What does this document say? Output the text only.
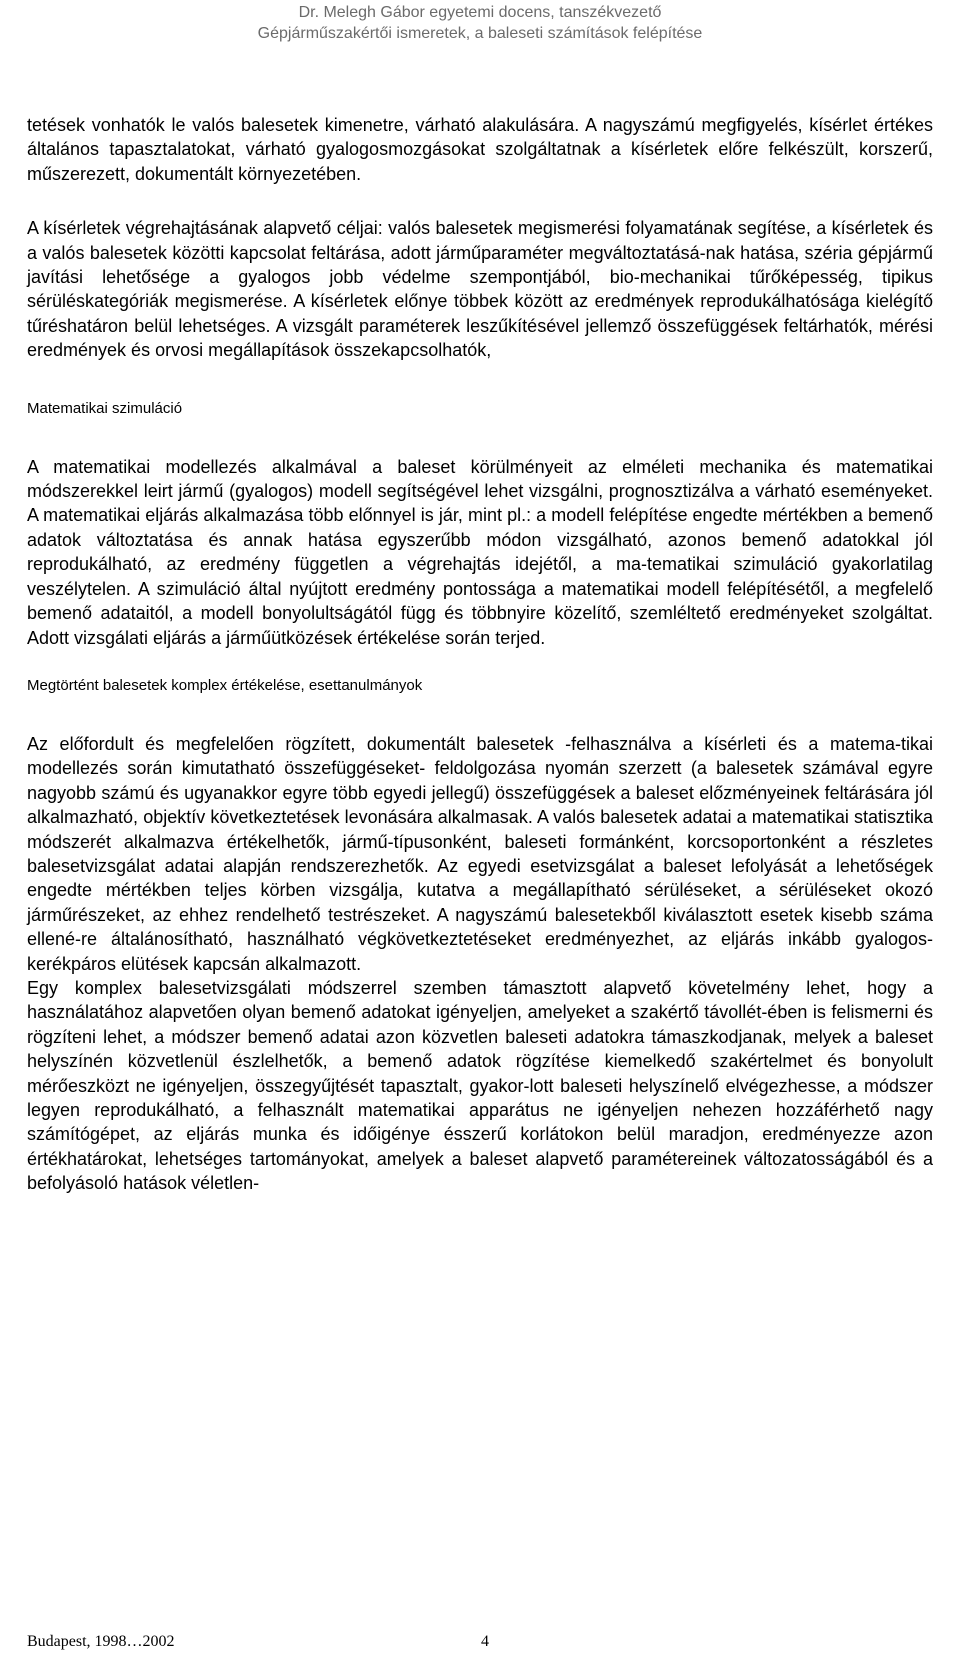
Dr. Melegh Gábor egyetemi docens, tanszékvezető
Gépjárműszakértői ismeretek, a baleseti számítások felépítése

tetések vonhatók le valós balesetek kimenetre, várható alakulására. A nagyszámú megfigyelés, kísérlet értékes általános tapasztalatokat, várható gyalogosmozgásokat szolgáltatnak a kísérletek előre felkészült, korszerű, műszerezett, dokumentált környezetében.

A kísérletek végrehajtásának alapvető céljai: valós balesetek megismerési folyamatának segítése, a kísérletek és a valós balesetek közötti kapcsolat feltárása, adott járműparaméter megváltoztatásá-nak hatása, széria gépjármű javítási lehetősége a gyalogos jobb védelme szempontjából, bio-mechanikai tűrőképesség, tipikus sérüléskategóriák megismerése. A kísérletek előnye többek között az eredmények reprodukálhatósága kielégítő tűréshatáron belül lehetséges. A vizsgált paraméterek leszűkítésével jellemző összefüggések feltárhatók, mérési eredmények és orvosi megállapítások összekapcsolhatók,

Matematikai szimuláció

A matematikai modellezés alkalmával a baleset körülményeit az elméleti mechanika és matematikai módszerekkel leirt jármű (gyalogos) modell segítségével lehet vizsgálni, prognosztizálva a várható eseményeket. A matematikai eljárás alkalmazása több előnnyel is jár, mint pl.: a modell felépítése engedte mértékben a bemenő adatok változtatása és annak hatása egyszerűbb módon vizsgálható, azonos bemenő adatokkal jól reprodukálható, az eredmény független a végrehajtás idejétől, a ma-tematikai szimuláció gyakorlatilag veszélytelen. A szimuláció által nyújtott eredmény pontossága a matematikai modell felépítésétől, a megfelelő bemenő adataitól, a modell bonyolultságától függ és többnyire közelítő, szemléltető eredményeket szolgáltat. Adott vizsgálati eljárás a járműütközések értékelése során terjed.

Megtörtént balesetek komplex értékelése, esettanulmányok

Az előfordult és megfelelően rögzített, dokumentált balesetek -felhasználva a kísérleti és a matema-tikai modellezés során kimutatható összefüggéseket- feldolgozása nyomán szerzett (a balesetek számával egyre nagyobb számú és ugyanakkor egyre több egyedi jellegű) összefüggések a baleset előzményeinek feltárására jól alkalmazható, objektív következtetések levonására alkalmasak. A valós balesetek adatai a matematikai statisztika módszerét alkalmazva értékelhetők, jármű-típusonként, baleseti formánként, korcsoportonként a részletes balesetvizsgálat adatai alapján rendszerezhetők. Az egyedi esetvizsgálat a baleset lefolyását a lehetőségek engedte mértékben teljes körben vizsgálja, kutatva a megállapítható sérüléseket, a sérüléseket okozó járműrészeket, az ehhez rendelhető testrészeket. A nagyszámú balesetekből kiválasztott esetek kisebb száma ellené-re általánosítható, használható végkövetkeztetéseket eredményezhet, az eljárás inkább gyalogos-kerékpáros elütések kapcsán alkalmazott.

Egy komplex balesetvizsgálati módszerrel szemben támasztott alapvető követelmény lehet, hogy a használatához alapvetően olyan bemenő adatokat igényeljen, amelyeket a szakértő távollét-ében is felismerni és rögzíteni lehet, a módszer bemenő adatai azon közvetlen baleseti adatokra támaszkodjanak, melyek a baleset helyszínén közvetlenül észlelhetők, a bemenő adatok rögzítése kiemelkedő szakértelmet és bonyolult mérőeszközt ne igényeljen, összegyűjtését tapasztalt, gyakor-lott baleseti helyszínelő elvégezhesse, a módszer legyen reprodukálható, a felhasznált matematikai apparátus ne igényeljen nehezen hozzáférhető nagy számítógépet, az eljárás munka és időigénye ésszerű korlátokon belül maradjon, eredményezze azon értékhatárokat, lehetséges tartományokat, amelyek a baleset alapvető paramétereinek változatosságából és a befolyásoló hatások véletlen-

Budapest, 1998…2002	4
